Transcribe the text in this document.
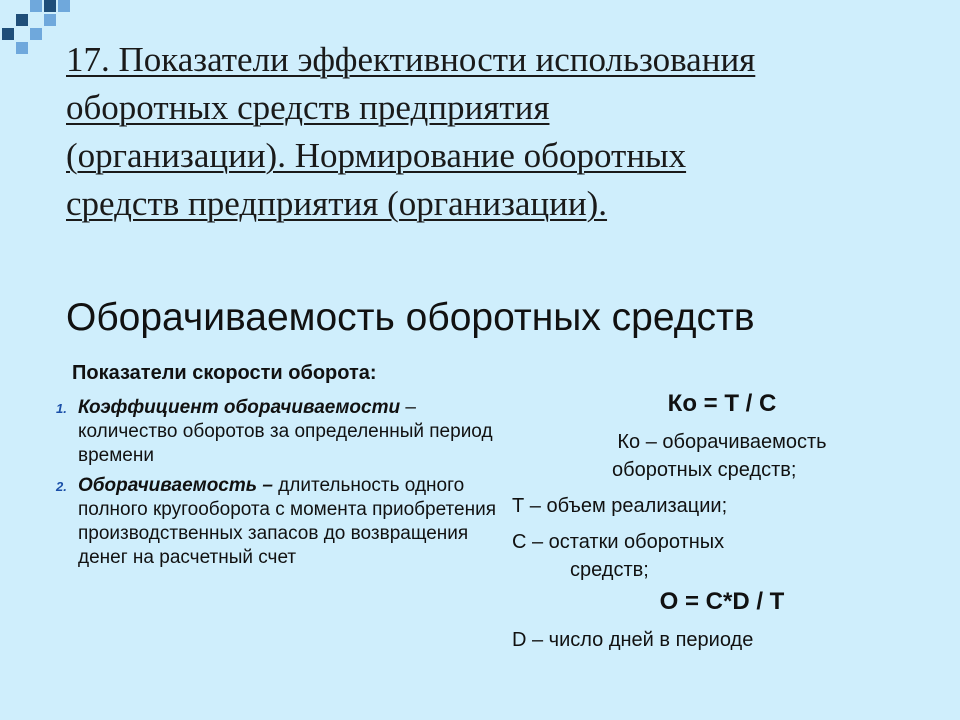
17. Показатели эффективности использования
оборотных средств предприятия
(организации). Нормирование оборотных
средств предприятия (организации).
Оборачиваемость оборотных средств
Показатели скорости оборота:
1. Коэффициент оборачиваемости – количество оборотов за определенный период времени
2. Оборачиваемость – длительность одного полного кругооборота с момента приобретения производственных запасов до возвращения денег на расчетный счет

Ко = Т / С

Ко – оборачиваемость

оборотных средств;

Т – объем реализации;

С – остатки оборотных

средств;

О = С*D / Т

D – число дней в периоде
